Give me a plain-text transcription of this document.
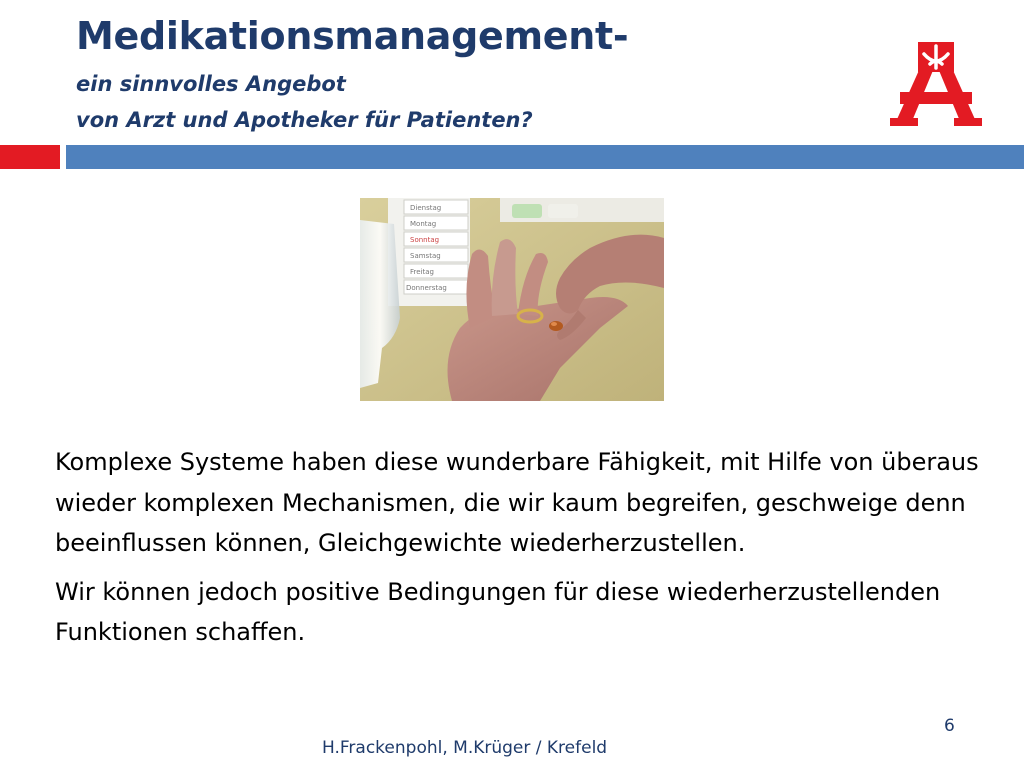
Medikationsmanagement-
ein sinnvolles Angebot
von Arzt und Apotheker für Patienten?
Dienstag
Montag
Sonntag
Samstag
Freitag
Donnerstag

Komplexe Systeme haben diese wunderbare Fähigkeit, mit Hilfe von überaus wieder komplexen Mechanismen, die wir kaum begreifen, geschweige denn beeinflussen können, Gleichgewichte wiederherzustellen.

Wir können jedoch positive Bedingungen für diese wiederherzustellenden Funktionen schaffen.

6
H.Frackenpohl, M.Krüger / Krefeld
